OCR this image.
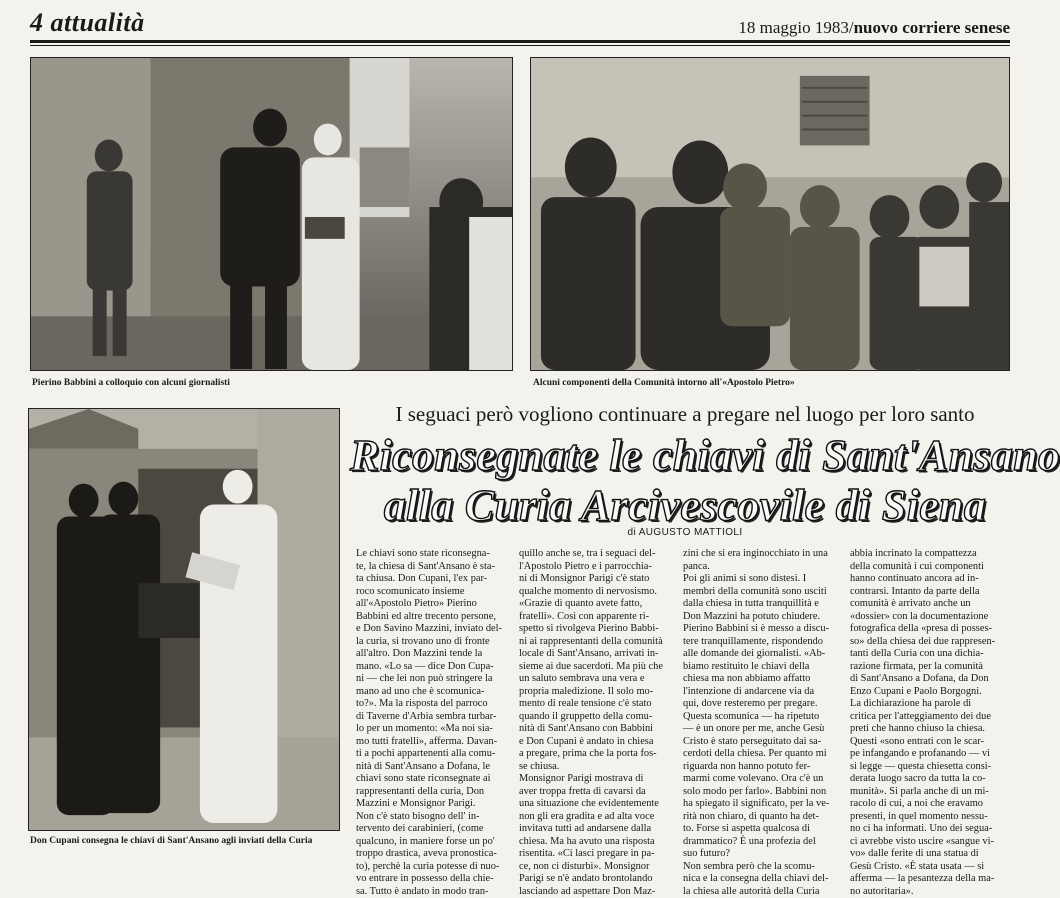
4 attualità	18 maggio 1983/nuovo corriere senese
Pierino Babbini a colloquio con alcuni giornalisti	Alcuni componenti della Comunità intorno all'«Apostolo Pietro»
Don Cupani consegna le chiavi di Sant'Ansano agli inviati della Curia
I seguaci però vogliono continuare a pregare nel luogo per loro santo
Riconsegnate le chiavi di Sant'Ansano
alla Curia Arcivescovile di Siena
di AUGUSTO MATTIOLI
Le chiavi sono state riconsegna-
te, la chiesa di Sant'Ansano è sta-
ta chiusa. Don Cupani, l'ex par-
roco scomunicato insieme
all'«Apostolo Pietro» Pierino
Babbini ed altre trecento persone,
e Don Savino Mazzini, inviato del-
la curia, si trovano uno di fronte
all'altro. Don Mazzini tende la
mano. «Lo sa — dice Don Cupa-
ni — che lei non può stringere la
mano ad uno che è scomunica-
to?». Ma la risposta del parroco
di Taverne d'Arbia sembra turbar-
lo per un momento: «Ma noi sia-
mo tutti fratelli», afferma. Davan-
ti a pochi appartenenti alla comu-
nità di Sant'Ansano a Dofana, le
chiavi sono state riconsegnate ai
rappresentanti della curia, Don
Mazzini e Monsignor Parigi.
Non c'è stato bisogno dell' in-
tervento dei carabinieri, (come
qualcuno, in maniere forse un po'
troppo drastica, aveva pronostica-
to), perchè la curia potesse di nuo-
vo entrare in possesso della chie-
sa. Tutto è andato in modo tran-
quillo anche se, tra i seguaci del-
l'Apostolo Pietro e i parrocchia-
ni di Monsignor Parigi c'è stato
qualche momento di nervosismo.
«Grazie di quanto avete fatto,
fratelli». Così con apparente ri-
spetto si rivolgeva Pierino Babbi-
ni ai rappresentanti della comunità
locale di Sant'Ansano, arrivati in-
sieme ai due sacerdoti. Ma più che
un saluto sembrava una vera e
propria maledizione. Il solo mo-
mento di reale tensione c'è stato
quando il gruppetto della comu-
nità di Sant'Ansano con Babbini
e Don Cupani è andato in chiesa
a pregare, prima che la porta fos-
se chiusa.
Monsignor Parigi mostrava di
aver troppa fretta di cavarsi da
una situazione che evidentemente
non gli era gradita e ad alta voce
invitava tutti ad andarsene dalla
chiesa. Ma ha avuto una risposta
risentita. «Ci lasci pregare in pa-
ce, non ci disturbi». Monsignor
Parigi se n'è andato brontolando
lasciando ad aspettare Don Maz-
zini che si era inginocchiato in una
panca.
Poi gli animi si sono distesi. I
membri della comunità sono usciti
dalla chiesa in tutta tranquillità e
Don Mazzini ha potuto chiudere.
Pierino Babbini si è messo a discu-
tere tranquillamente, rispondendo
alle domande dei giornalisti. «Ab-
biamo restituito le chiavi della
chiesa ma non abbiamo affatto
l'intenzione di andarcene via da
qui, dove resteremo per pregare.
Questa scomunica — ha ripetuto
— è un onore per me, anche Gesù
Cristo è stato perseguitato dai sa-
cerdoti della chiesa. Per quanto mi
riguarda non hanno potuto fer-
marmi come volevano. Ora c'è un
solo modo per farlo». Babbini non
ha spiegato il significato, per la ve-
rità non chiaro, di quanto ha det-
to. Forse si aspetta qualcosa di
drammatico? È una profezia del
suo futuro?
Non sembra però che la scomu-
nica e la consegna della chiavi del-
la chiesa alle autorità della Curia
abbia incrinato la compattezza
della comunità i cui componenti
hanno continuato ancora ad in-
contrarsi. Intanto da parte della
comunità è arrivato anche un
«dossier» con la documentazione
fotografica della «presa di posses-
so» della chiesa dei due rappresen-
tanti della Curia con una dichia-
razione firmata, per la comunità
di Sant'Ansano a Dofana, da Don
Enzo Cupani e Paolo Borgogni.
La dichiarazione ha parole di
critica per l'atteggiamento dei due
preti che hanno chiuso la chiesa.
Questi «sono entrati con le scar-
pe infangando e profanando — vi
si legge — questa chiesetta consi-
derata luogo sacro da tutta la co-
munità». Si parla anche di un mi-
racolo di cui, a noi che eravamo
presenti, in quel momento nessu-
no ci ha informati. Uno dei segua-
ci avrebbe visto uscire «sangue vi-
vo» dalle ferite di una statua di
Gesù Cristo. «È stata usata — si
afferma — la pesantezza della ma-
no autoritaria».
